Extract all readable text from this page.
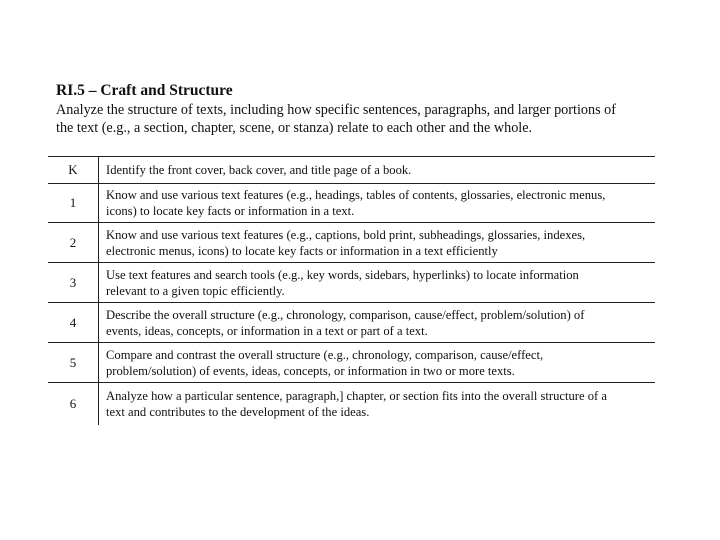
RI.5 – Craft and Structure
Analyze the structure of texts, including how specific sentences, paragraphs, and larger portions of
the text (e.g., a section, chapter, scene, or stanza) relate to each other and the whole.
K	Identify the front cover, back cover, and title page of a book.

1	Know and use various text features (e.g., headings, tables of contents, glossaries, electronic menus,
icons) to locate key facts or information in a text.

2	Know and use various text features (e.g., captions, bold print, subheadings, glossaries, indexes,
electronic menus, icons) to locate key facts or information in a text efficiently

3	Use text features and search tools (e.g., key words, sidebars, hyperlinks) to locate information
relevant to a given topic efficiently.

4	Describe the overall structure (e.g., chronology, comparison, cause/effect, problem/solution) of
events, ideas, concepts, or information in a text or part of a text.

5	Compare and contrast the overall structure (e.g., chronology, comparison, cause/effect,
problem/solution) of events, ideas, concepts, or information in two or more texts.

6	Analyze how a particular sentence, paragraph,] chapter, or section fits into the overall structure of a
text and contributes to the development of the ideas.
